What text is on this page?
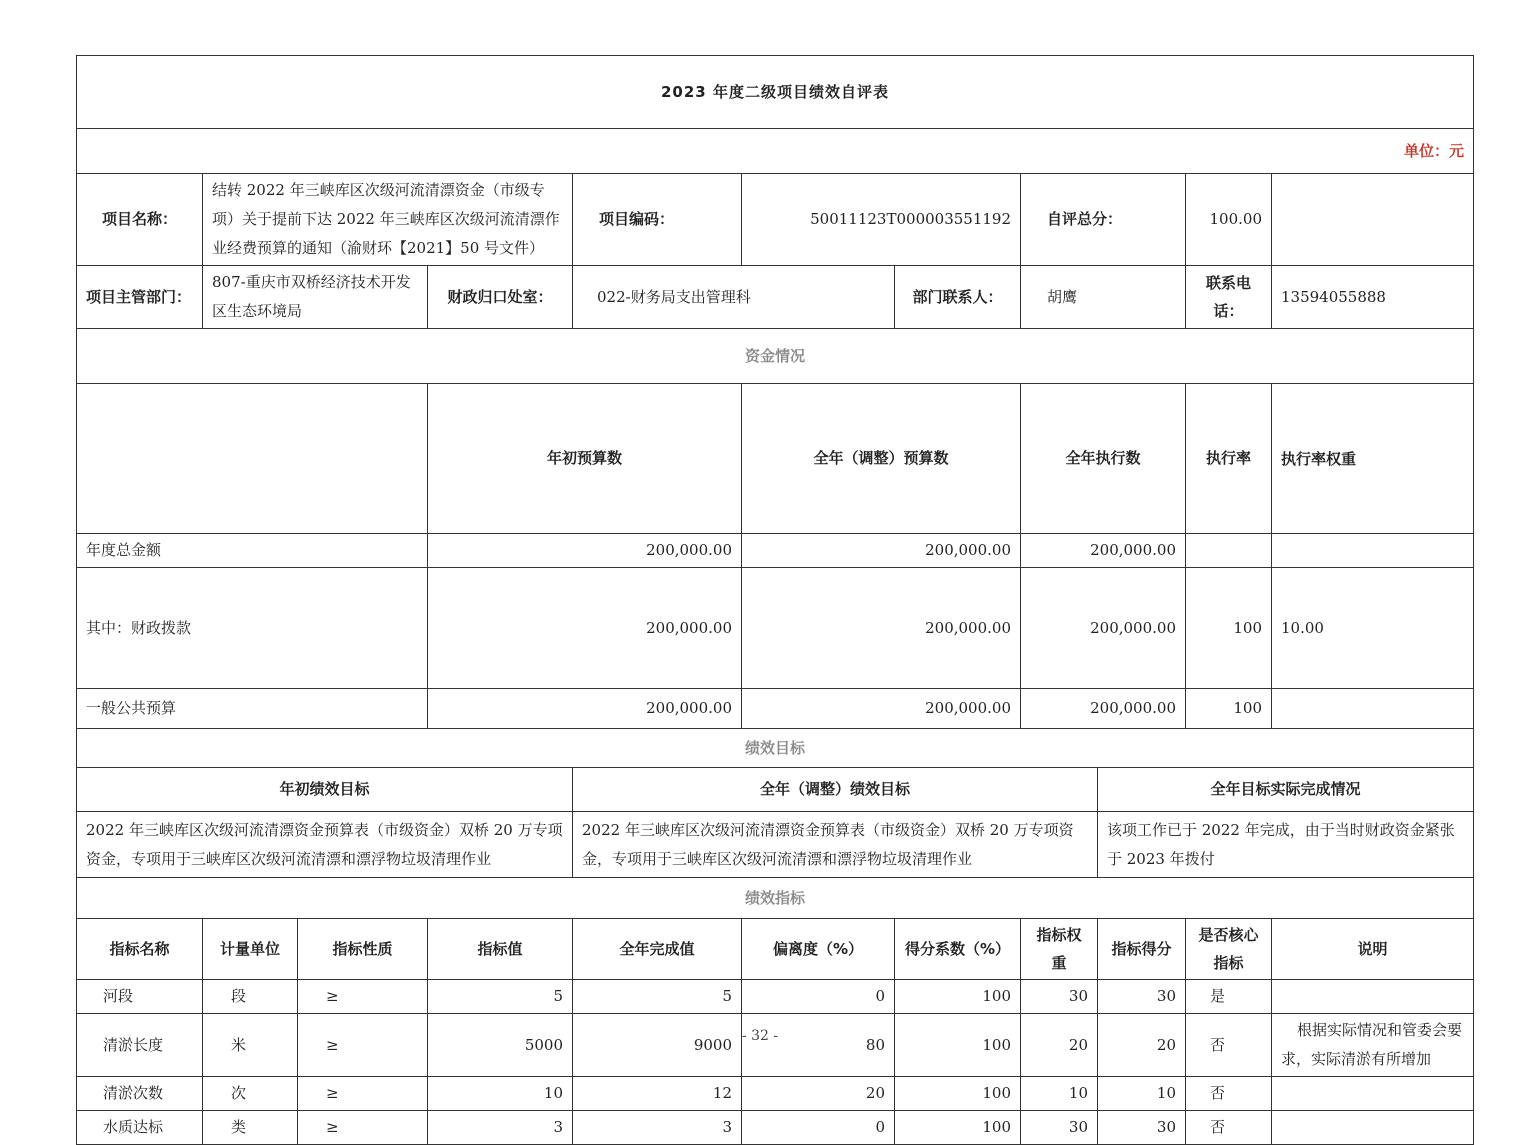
2023 年度二级项目绩效自评表											
单位：元											
项目名称：	结转 2022 年三峡库区次级河流清漂资金（市级专项）关于提前下达 2022 年三峡库区次级河流清漂作业经费预算的通知（渝财环【2021】50 号文件）			项目编码：	50011123T000003551192		自评总分：		100.00		
项目主管部门：	807-重庆市双桥经济技术开发区生态环境局		财政归口处室：	022-财务局支出管理科		部门联系人：	胡鹰		联系电话：	13594055888	
资金情况											
			年初预算数		全年（调整）预算数		全年执行数		执行率	执行率权重	
年度总金额			200,000.00		200,000.00		200,000.00				
其中：财政拨款			200,000.00		200,000.00		200,000.00		100	10.00	
一般公共预算			200,000.00		200,000.00		200,000.00		100		
绩效目标											
年初绩效目标				全年（调整）绩效目标				全年目标实际完成情况			
2022 年三峡库区次级河流清漂资金预算表（市级资金）双桥 20 万专项资金，专项用于三峡库区次级河流清漂和漂浮物垃圾清理作业				2022 年三峡库区次级河流清漂资金预算表（市级资金）双桥 20 万专项资金，专项用于三峡库区次级河流清漂和漂浮物垃圾清理作业				该项工作已于 2022 年完成，由于当时财政资金紧张于 2023 年拨付			
绩效指标											
指标名称	计量单位	指标性质	指标值	全年完成值	偏离度（%）	得分系数（%）	指标权重	指标得分	是否核心指标	说明	
河段	段	≥	5	5	0	100	30	30	是		
清淤长度	米	≥	5000	9000	80	100	20	20	否	根据实际情况和管委会要求，实际清淤有所增加	
清淤次数	次	≥	10	12	20	100	10	10	否		
水质达标	类	≥	3	3	0	100	30	30	否		
- 32 -
